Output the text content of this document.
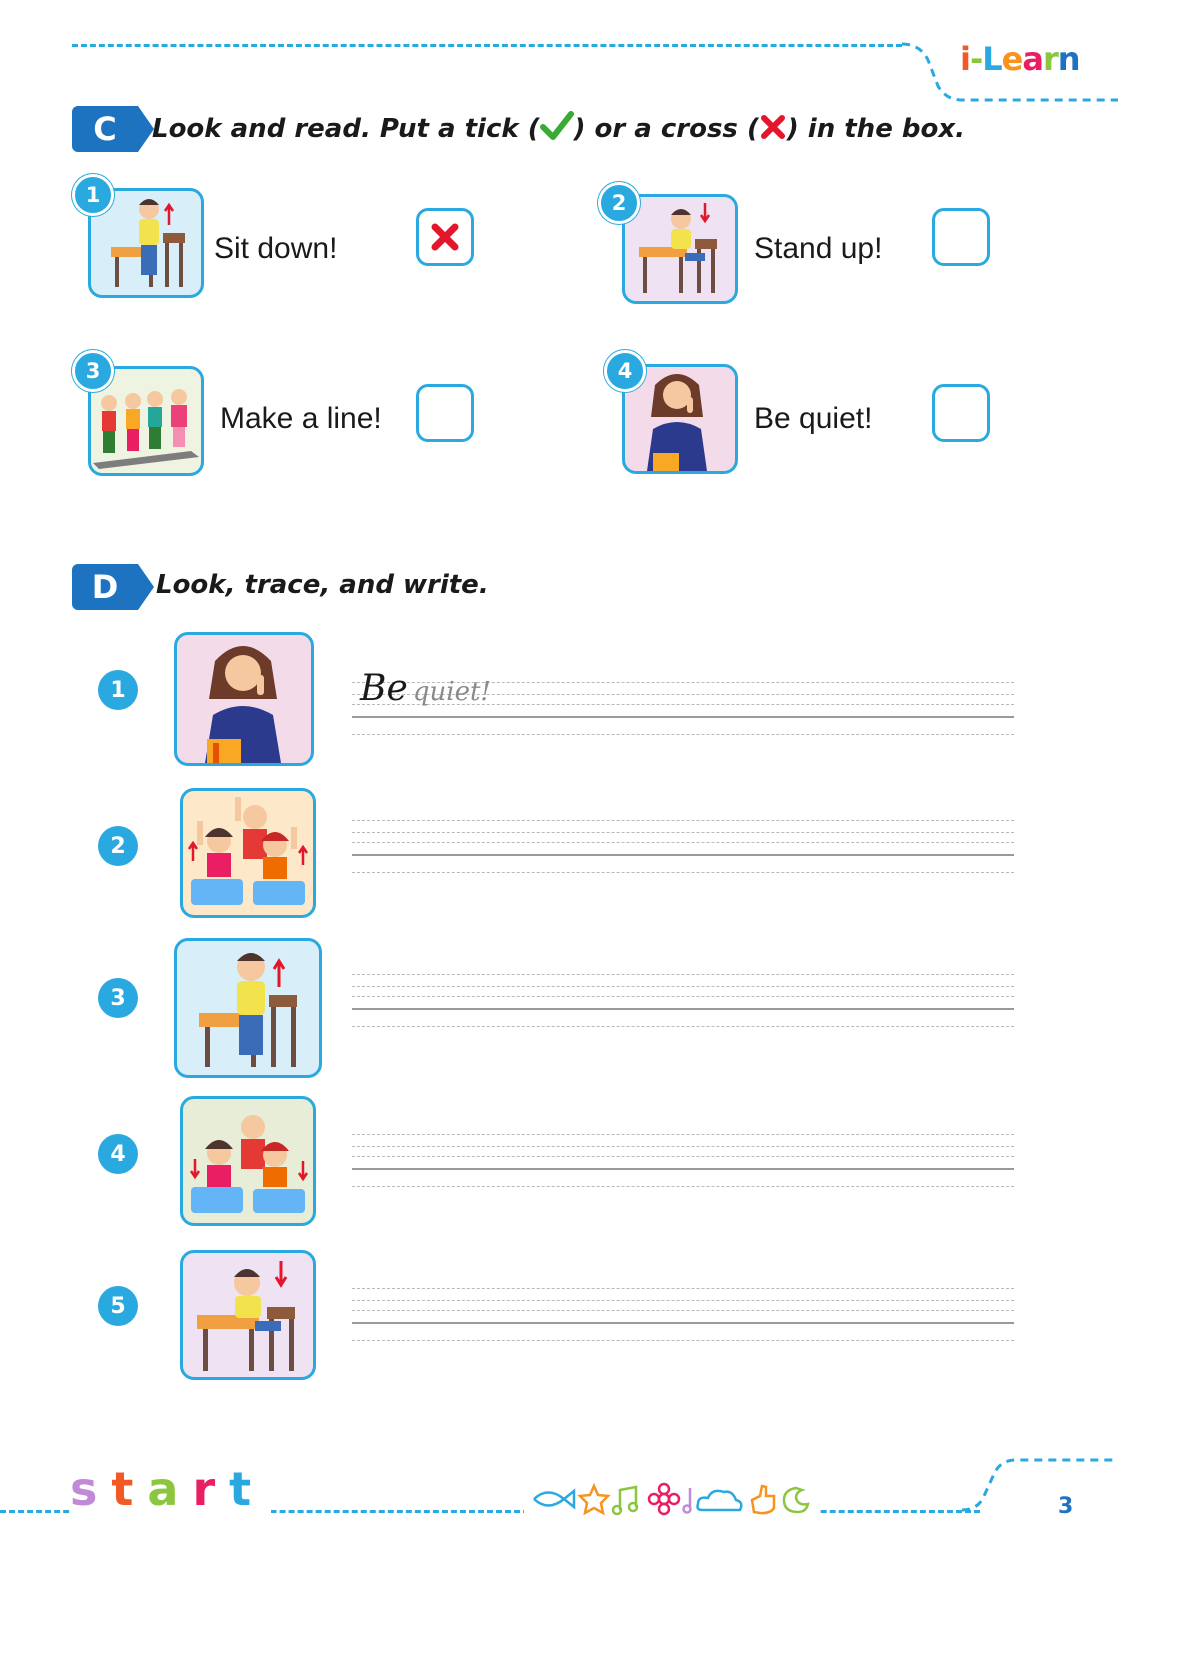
i-Learn
C Look and read. Put a tick ( ) or a cross ( ) in the box.
1
Sit down!
2
Stand up!
3
Make a line!
4
Be quiet!
D Look, trace, and write.
1	Be quiet!
2
3
4
5
s t a r t	3
